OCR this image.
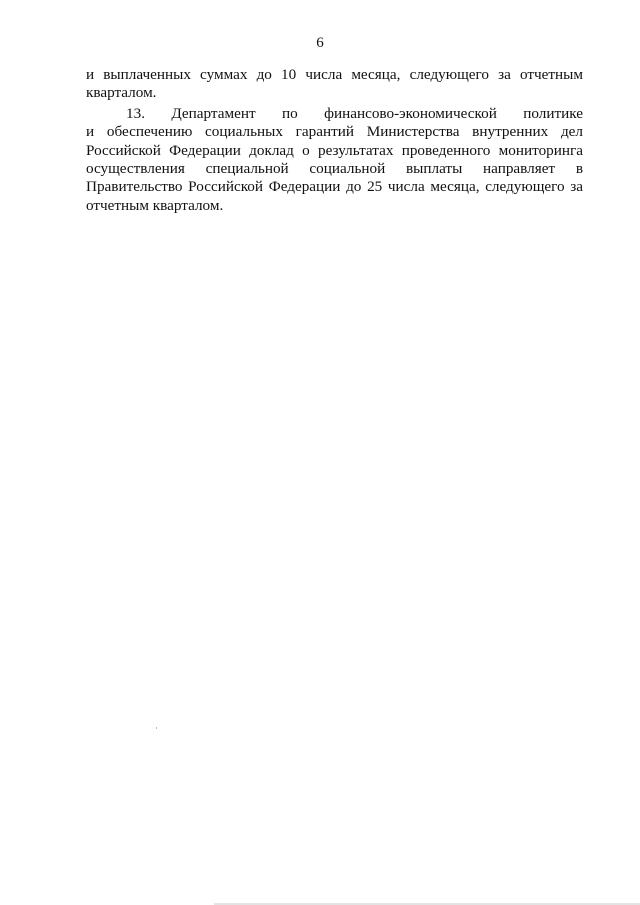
6
и выплаченных суммах до 10 числа месяца, следующего за отчетным
кварталом.
13. Департамент по финансово-экономической политике
и обеспечению социальных гарантий Министерства внутренних дел
Российской Федерации доклад о результатах проведенного мониторинга
осуществления специальной социальной выплаты направляет в
Правительство Российской Федерации до 25 числа месяца, следующего за
отчетным кварталом.
